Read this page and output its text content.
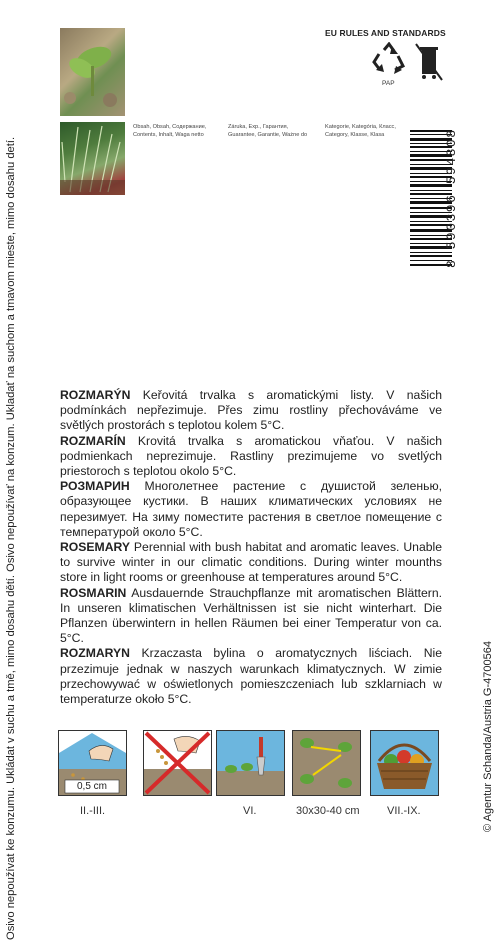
Osivo nepoužívat ke konzumu. Ukládat v suchu a tmě, mimo dosahu dětí. Osivo nepoužívať na konzum. Ukladať na suchom a tmavom mieste, mimo dosahu detí.	© Agentur Schanda/Austria G-4700564
Obsah, Obsah, Содержание,
Contents, Inhalt, Waga netto
Záruka, Exp., Гарантия,
Guarantee, Garantie, Ważne do
Kategorie, Kategória, Класс,
Category, Klasse, Klasa
EU RULES AND STANDARDS
PAP
8 590396 594808

ROZMARÝN Keřovitá trvalka s aromatickými listy. V našich podmínkách nepřezimuje. Přes zimu rostliny přechováváme ve světlých prostorách s teplotou kolem 5°C.

ROZMARÍN Krovitá trvalka s aromatickou vňaťou. V našich podmienkach neprezimuje. Rastliny prezimujeme vo svetlých priestoroch s teplotou okolo 5°C.

РОЗМАРИН Многолетнее растение с душистой зеленью, образующее кустики. В наших климатических условиях не перезимует. На зиму поместите растения в светлое помещение с температурой около 5°C.

ROSEMARY Perennial with bush habitat and aromatic leaves. Unable to survive winter in our climatic conditions. During winter mounths store in light rooms or greenhouse at temperatures around 5°C.

ROSMARIN Ausdauernde Strauchpflanze mit aromatischen Blättern. In unseren klimatischen Verhältnissen ist sie nicht winterhart. Die Pflanzen überwintern in hellen Räumen bei einer Temperatur von ca. 5°C.

ROZMARYN Krzaczasta bylina o aromatycznych liściach. Nie przezimuje jednak w naszych warunkach klimatycznych. W zimie przechowywać w oświetlonych pomieszczeniach lub szklarniach w temperaturze około 5°C.

0,5 cm
II.-III.	VI.	30x30-40 cm VII.-IX.
